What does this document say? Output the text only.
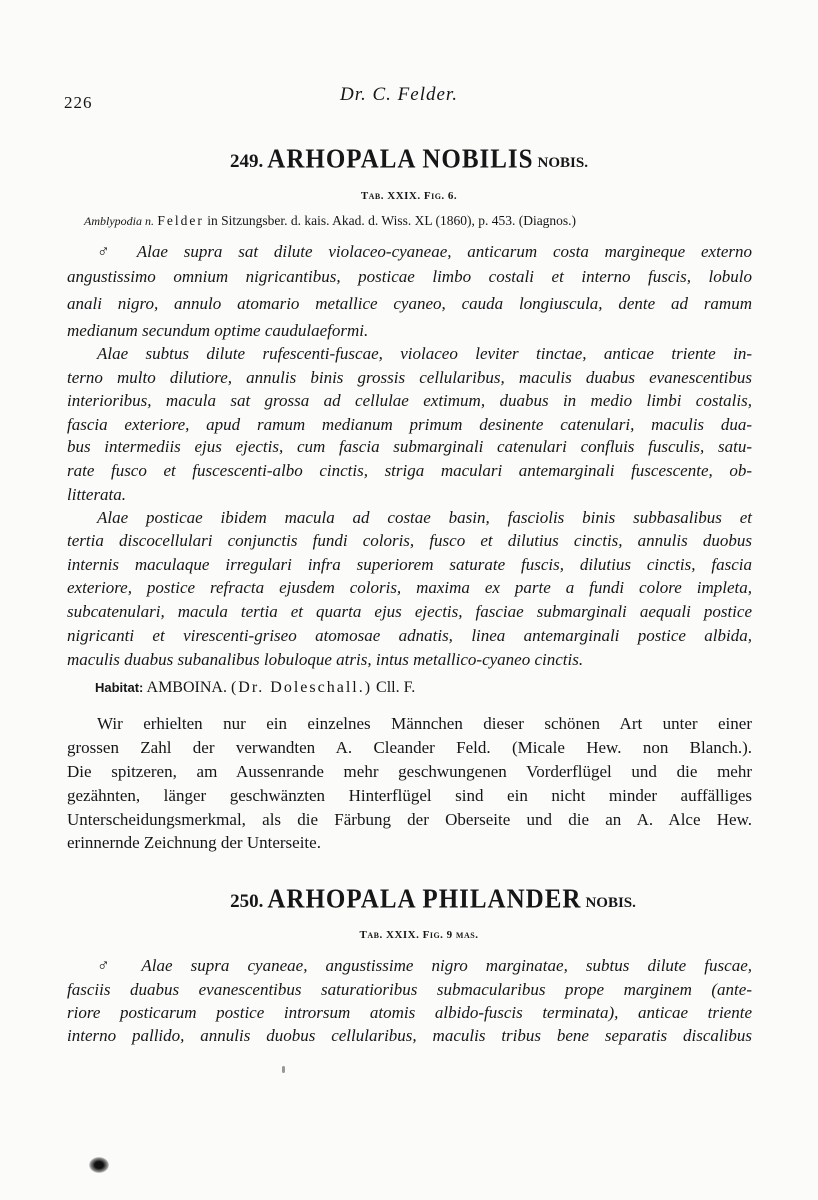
226	Dr. C. Felder.
249. ARHOPALA NOBILIS NOBIS.
Tab. XXIX. Fig. 6.
Amblypodia n. Felder in Sitzungsber. d. kais. Akad. d. Wiss. XL (1860), p. 453. (Diagnos.)
♂ Alae supra sat dilute violaceo-cyaneae, anticarum costa margineque externo
angustissimo omnium nigricantibus, posticae limbo costali et interno fuscis, lobulo
anali nigro, annulo atomario metallice cyaneo, cauda longiuscula, dente ad ramum
medianum secundum optime caudulaeformi.
Alae subtus dilute rufescenti-fuscae, violaceo leviter tinctae, anticae triente in-
terno multo dilutiore, annulis binis grossis cellularibus, maculis duabus evanescentibus
interioribus, macula sat grossa ad cellulae extimum, duabus in medio limbi costalis,
fascia exteriore, apud ramum medianum primum desinente catenulari, maculis dua-
bus intermediis ejus ejectis, cum fascia submarginali catenulari confluis fusculis, satu-
rate fusco et fuscescenti-albo cinctis, striga maculari antemarginali fuscescente, ob-
litterata.
Alae posticae ibidem macula ad costae basin, fasciolis binis subbasalibus et
tertia discocellulari conjunctis fundi coloris, fusco et dilutius cinctis, annulis duobus
internis maculaque irregulari infra superiorem saturate fuscis, dilutius cinctis, fascia
exteriore, postice refracta ejusdem coloris, maxima ex parte a fundi colore impleta,
subcatenulari, macula tertia et quarta ejus ejectis, fasciae submarginali aequali postice
nigricanti et virescenti-griseo atomosae adnatis, linea antemarginali postice albida,
maculis duabus subanalibus lobuloque atris, intus metallico-cyaneo cinctis.
Habitat: AMBOINA. (Dr. Doleschall.) Cll. F.
Wir erhielten nur ein einzelnes Männchen dieser schönen Art unter einer
grossen Zahl der verwandten A. Cleander Feld. (Micale Hew. non Blanch.).
Die spitzeren, am Aussenrande mehr geschwungenen Vorderflügel und die mehr
gezähnten, länger geschwänzten Hinterflügel sind ein nicht minder auffälliges
Unterscheidungsmerkmal, als die Färbung der Oberseite und die an A. Alce Hew.
erinnernde Zeichnung der Unterseite.
250. ARHOPALA PHILANDER NOBIS.
Tab. XXIX. Fig. 9 mas.
♂ Alae supra cyaneae, angustissime nigro marginatae, subtus dilute fuscae,
fasciis duabus evanescentibus saturatioribus submacularibus prope marginem (ante-
riore posticarum postice introrsum atomis albido-fuscis terminata), anticae triente
interno pallido, annulis duobus cellularibus, maculis tribus bene separatis discalibus
